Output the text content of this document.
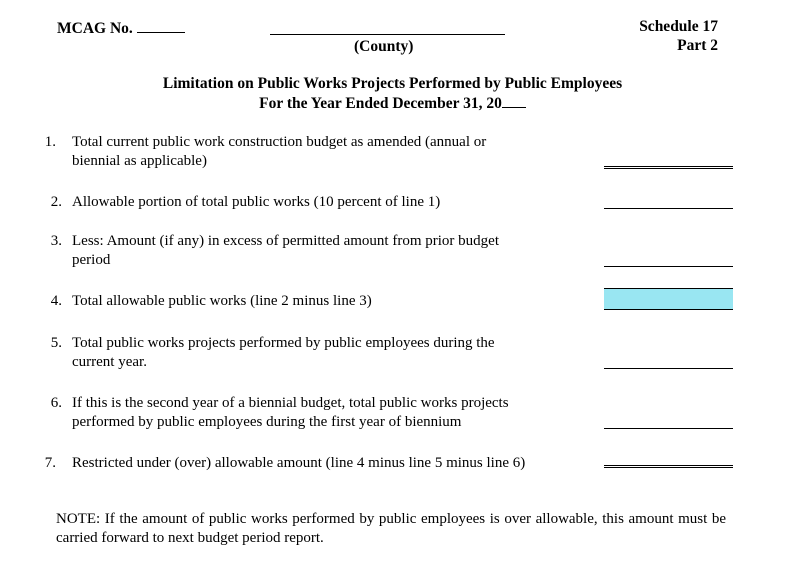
MCAG No.
(County)
Schedule 17
Part 2
Limitation on Public Works Projects Performed by Public Employees
For the Year Ended December 31, 20
1. Total current public work construction budget as amended (annual or
biennial as applicable)
2. Allowable portion of total public works (10 percent of line 1)
3. Less: Amount (if any) in excess of permitted amount from prior budget
period
4. Total allowable public works (line 2 minus line 3)
5. Total public works projects performed by public employees during the
current year.
6. If this is the second year of a biennial budget, total public works projects
performed by public employees during the first year of biennium
7. Restricted under (over) allowable amount (line 4 minus line 5 minus line 6)
NOTE: If the amount of public works performed by public employees is over allowable, this amount must be carried forward to next budget period report.
